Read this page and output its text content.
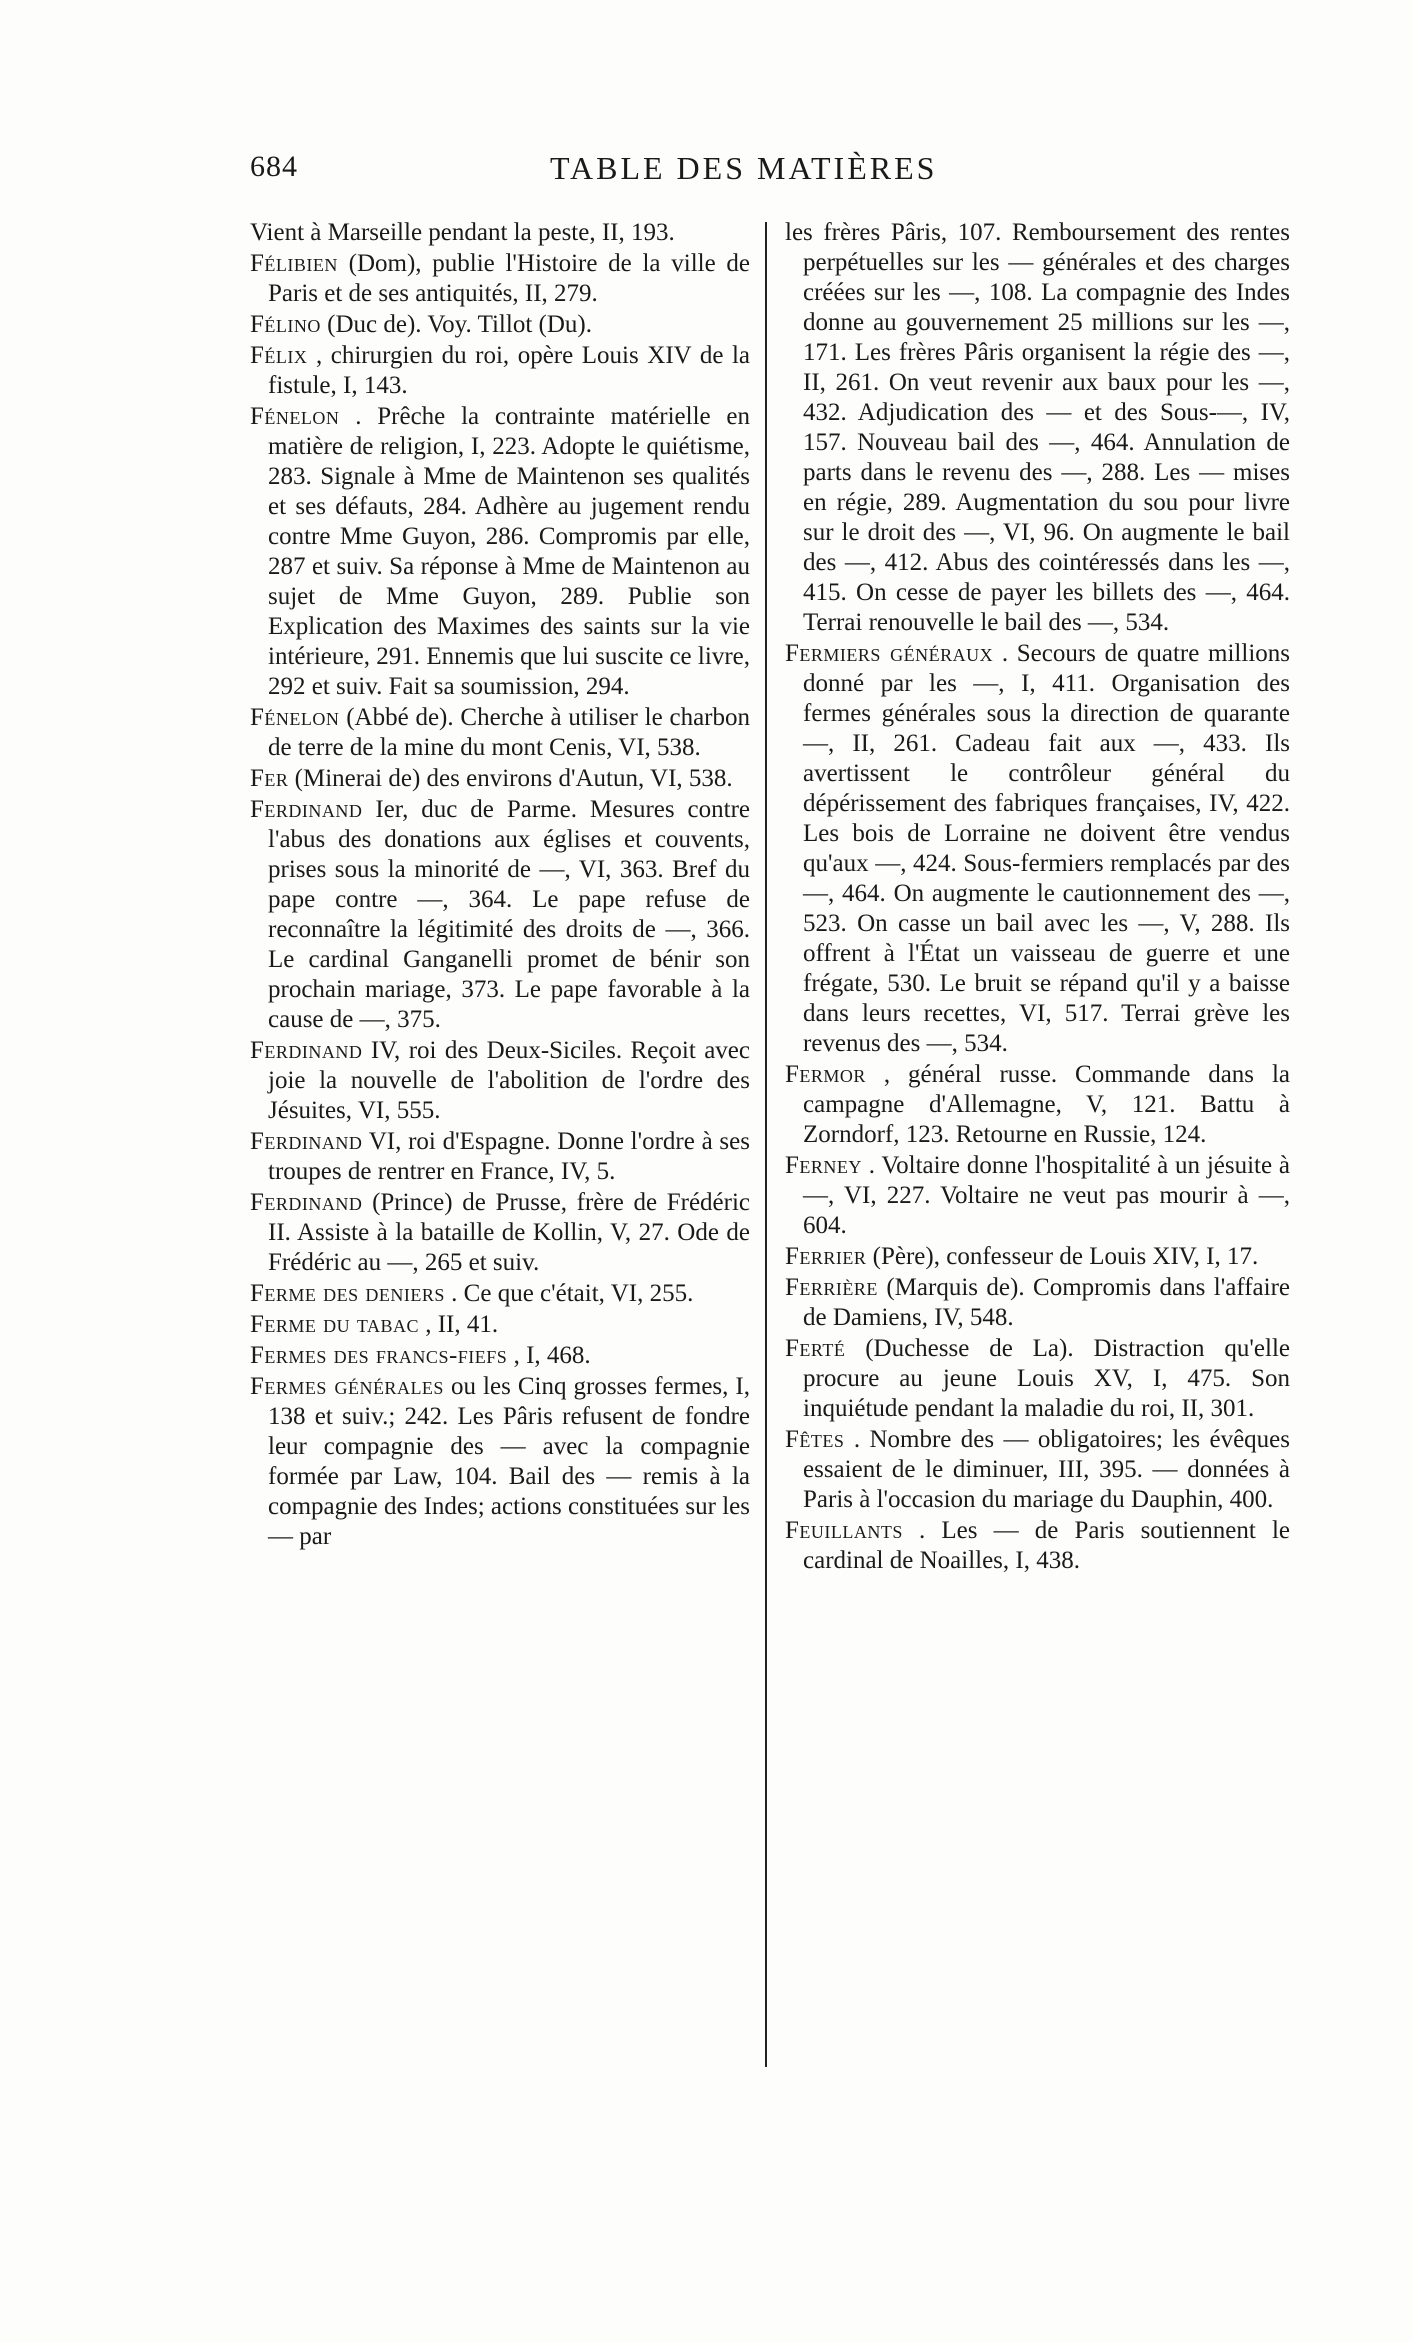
684	TABLE DES MATIÈRES

Vient à Marseille pendant la peste, II, 193.

Félibien (Dom), publie l'Histoire de la ville de Paris et de ses antiquités, II, 279.

Félino (Duc de). Voy. Tillot (Du).

Félix , chirurgien du roi, opère Louis XIV de la fistule, I, 143.

Fénelon . Prêche la contrainte matérielle en matière de religion, I, 223. Adopte le quiétisme, 283. Signale à Mme de Maintenon ses qualités et ses défauts, 284. Adhère au jugement rendu contre Mme Guyon, 286. Compromis par elle, 287 et suiv. Sa réponse à Mme de Maintenon au sujet de Mme Guyon, 289. Publie son Explication des Maximes des saints sur la vie intérieure, 291. Ennemis que lui suscite ce livre, 292 et suiv. Fait sa soumission, 294.

Fénelon (Abbé de). Cherche à utiliser le charbon de terre de la mine du mont Cenis, VI, 538.

Fer (Minerai de) des environs d'Autun, VI, 538.

Ferdinand Ier, duc de Parme. Mesures contre l'abus des donations aux églises et couvents, prises sous la minorité de —, VI, 363. Bref du pape contre —, 364. Le pape refuse de reconnaître la légitimité des droits de —, 366. Le cardinal Ganganelli promet de bénir son prochain mariage, 373. Le pape favorable à la cause de —, 375.

Ferdinand IV, roi des Deux-Siciles. Reçoit avec joie la nouvelle de l'abolition de l'ordre des Jésuites, VI, 555.

Ferdinand VI, roi d'Espagne. Donne l'ordre à ses troupes de rentrer en France, IV, 5.

Ferdinand (Prince) de Prusse, frère de Frédéric II. Assiste à la bataille de Kollin, V, 27. Ode de Frédéric au —, 265 et suiv.

Ferme des deniers . Ce que c'était, VI, 255.

Ferme du tabac , II, 41.

Fermes des francs-fiefs , I, 468.

Fermes générales ou les Cinq grosses fermes, I, 138 et suiv.; 242. Les Pâris refusent de fondre leur compagnie des — avec la compagnie formée par Law, 104. Bail des — remis à la compagnie des Indes; actions constituées sur les — par

les frères Pâris, 107. Remboursement des rentes perpétuelles sur les — générales et des charges créées sur les —, 108. La compagnie des Indes donne au gouvernement 25 millions sur les —, 171. Les frères Pâris organisent la régie des —, II, 261. On veut revenir aux baux pour les —, 432. Adjudication des — et des Sous-—, IV, 157. Nouveau bail des —, 464. Annulation de parts dans le revenu des —, 288. Les — mises en régie, 289. Augmentation du sou pour livre sur le droit des —, VI, 96. On augmente le bail des —, 412. Abus des cointéressés dans les —, 415. On cesse de payer les billets des —, 464. Terrai renouvelle le bail des —, 534.

Fermiers généraux . Secours de quatre millions donné par les —, I, 411. Organisation des fermes générales sous la direction de quarante —, II, 261. Cadeau fait aux —, 433. Ils avertissent le contrôleur général du dépérissement des fabriques françaises, IV, 422. Les bois de Lorraine ne doivent être vendus qu'aux —, 424. Sous-fermiers remplacés par des —, 464. On augmente le cautionnement des —, 523. On casse un bail avec les —, V, 288. Ils offrent à l'État un vaisseau de guerre et une frégate, 530. Le bruit se répand qu'il y a baisse dans leurs recettes, VI, 517. Terrai grève les revenus des —, 534.

Fermor , général russe. Commande dans la campagne d'Allemagne, V, 121. Battu à Zorndorf, 123. Retourne en Russie, 124.

Ferney . Voltaire donne l'hospitalité à un jésuite à —, VI, 227. Voltaire ne veut pas mourir à —, 604.

Ferrier (Père), confesseur de Louis XIV, I, 17.

Ferrière (Marquis de). Compromis dans l'affaire de Damiens, IV, 548.

Ferté (Duchesse de La). Distraction qu'elle procure au jeune Louis XV, I, 475. Son inquiétude pendant la maladie du roi, II, 301.

Fêtes . Nombre des — obligatoires; les évêques essaient de le diminuer, III, 395. — données à Paris à l'occasion du mariage du Dauphin, 400.

Feuillants . Les — de Paris soutiennent le cardinal de Noailles, I, 438.
